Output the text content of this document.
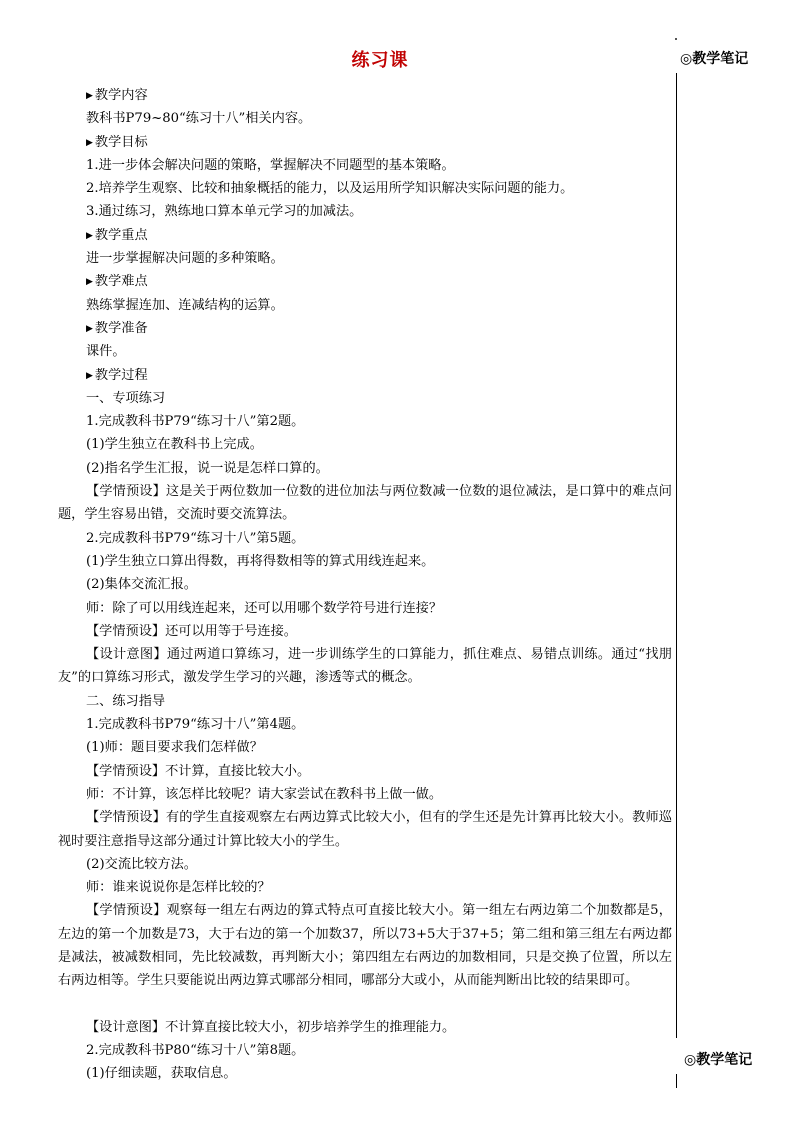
练习课	◎教学笔记
◎教学笔记
▶ 教学内容
教科书P79~80“练习十八”相关内容。
▶ 教学目标
1.进一步体会解决问题的策略，掌握解决不同题型的基本策略。
2.培养学生观察、比较和抽象概括的能力，以及运用所学知识解决实际问题的能力。
3.通过练习，熟练地口算本单元学习的加减法。
▶ 教学重点
进一步掌握解决问题的多种策略。
▶ 教学难点
熟练掌握连加、连减结构的运算。
▶ 教学准备
课件。
▶ 教学过程
一、专项练习
1.完成教科书P79“练习十八”第2题。
(1)学生独立在教科书上完成。
(2)指名学生汇报，说一说是怎样口算的。
【学情预设】这是关于两位数加一位数的进位加法与两位数减一位数的退位减法，是口算中的难点问题，学生容易出错，交流时要交流算法。
2.完成教科书P79“练习十八”第5题。
(1)学生独立口算出得数，再将得数相等的算式用线连起来。
(2)集体交流汇报。
师：除了可以用线连起来，还可以用哪个数学符号进行连接？
【学情预设】还可以用等于号连接。
【设计意图】通过两道口算练习，进一步训练学生的口算能力，抓住难点、易错点训练。通过“找朋友”的口算练习形式，激发学生学习的兴趣，渗透等式的概念。
二、练习指导
1.完成教科书P79“练习十八”第4题。
(1)师：题目要求我们怎样做？
【学情预设】不计算，直接比较大小。
师：不计算，该怎样比较呢？请大家尝试在教科书上做一做。
【学情预设】有的学生直接观察左右两边算式比较大小，但有的学生还是先计算再比较大小。教师巡视时要注意指导这部分通过计算比较大小的学生。
(2)交流比较方法。
师：谁来说说你是怎样比较的？
【学情预设】观察每一组左右两边的算式特点可直接比较大小。第一组左右两边第二个加数都是5，左边的第一个加数是73，大于右边的第一个加数37，所以73+5大于37+5；第二组和第三组左右两边都是减法，被减数相同，先比较减数，再判断大小；第四组左右两边的加数相同，只是交换了位置，所以左右两边相等。学生只要能说出两边算式哪部分相同，哪部分大或小，从而能判断出比较的结果即可。
【设计意图】不计算直接比较大小，初步培养学生的推理能力。
2.完成教科书P80“练习十八”第8题。
(1)仔细读题，获取信息。
